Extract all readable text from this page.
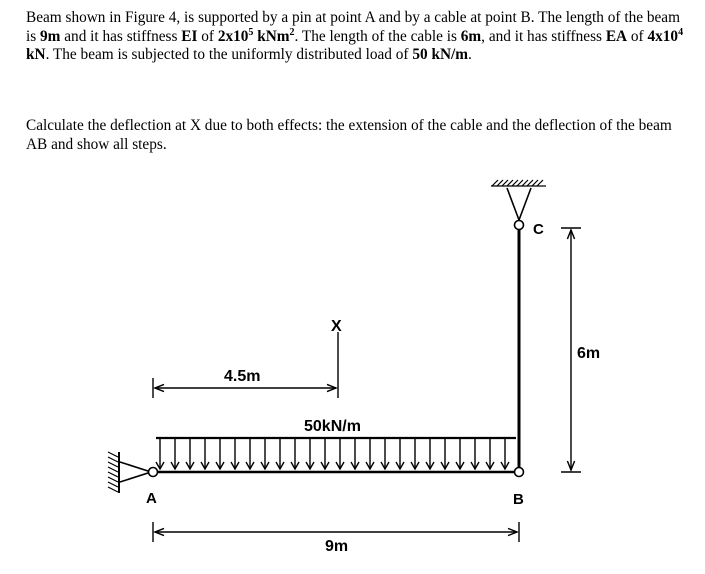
Beam shown in Figure 4, is supported by a pin at point A and by a cable at point B. The length of the beam is 9m and it has stiffness EI of $2x10^5$ kNm$^2$. The length of the cable is 6m, and it has stiffness EA of $4x10^4$ kN. The beam is subjected to the uniformly distributed load of 50 kN/m.
Calculate the deflection at X due to both effects: the extension of the cable and the deflection of the beam AB and show all steps.
X
4.5m
50kN/m
A	B
C
6m
9m
